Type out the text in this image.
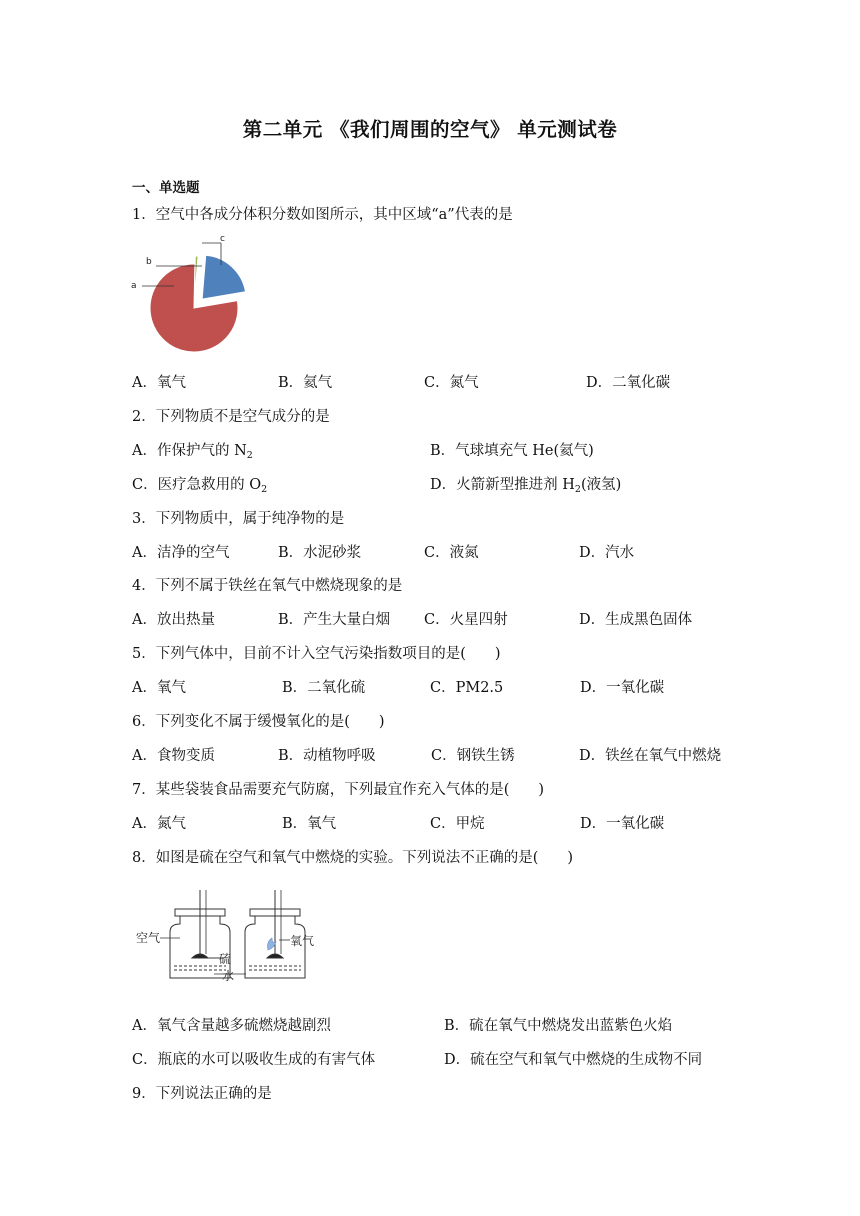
第二单元 《我们周围的空气》 单元测试卷
一、单选题
1．空气中各成分体积分数如图所示，其中区域“a”代表的是
c
b
a
A．氧气	B．氦气	C．氮气	D．二氧化碳
2．下列物质不是空气成分的是
A．作保护气的 $N_2$	B．气球填充气 He(氦气)
C．医疗急救用的 $O_2$	D．火箭新型推进剂 $H_2$(液氢)
3．下列物质中，属于纯净物的是
A．洁净的空气	B．水泥砂浆	C．液氮	D．汽水
4．下列不属于铁丝在氧气中燃烧现象的是
A．放出热量	B．产生大量白烟 C．火星四射	D．生成黑色固体
5．下列气体中，目前不计入空气污染指数项目的是(　　)
A．氧气	B．二氧化硫	C．PM2.5	D．一氧化碳
6．下列变化不属于缓慢氧化的是(　　)
A．食物变质	B．动植物呼吸	C．钢铁生锈	D．铁丝在氧气中燃烧
7．某些袋装食品需要充气防腐，下列最宜作充入气体的是(　　)
A．氮气	B．氧气	C．甲烷	D．一氧化碳
8．如图是硫在空气和氧气中燃烧的实验。下列说法不正确的是(　　)
空气
硫
水
氧气
A．氧气含量越多硫燃烧越剧烈	B．硫在氧气中燃烧发出蓝紫色火焰
C．瓶底的水可以吸收生成的有害气体	D．硫在空气和氧气中燃烧的生成物不同
9．下列说法正确的是
